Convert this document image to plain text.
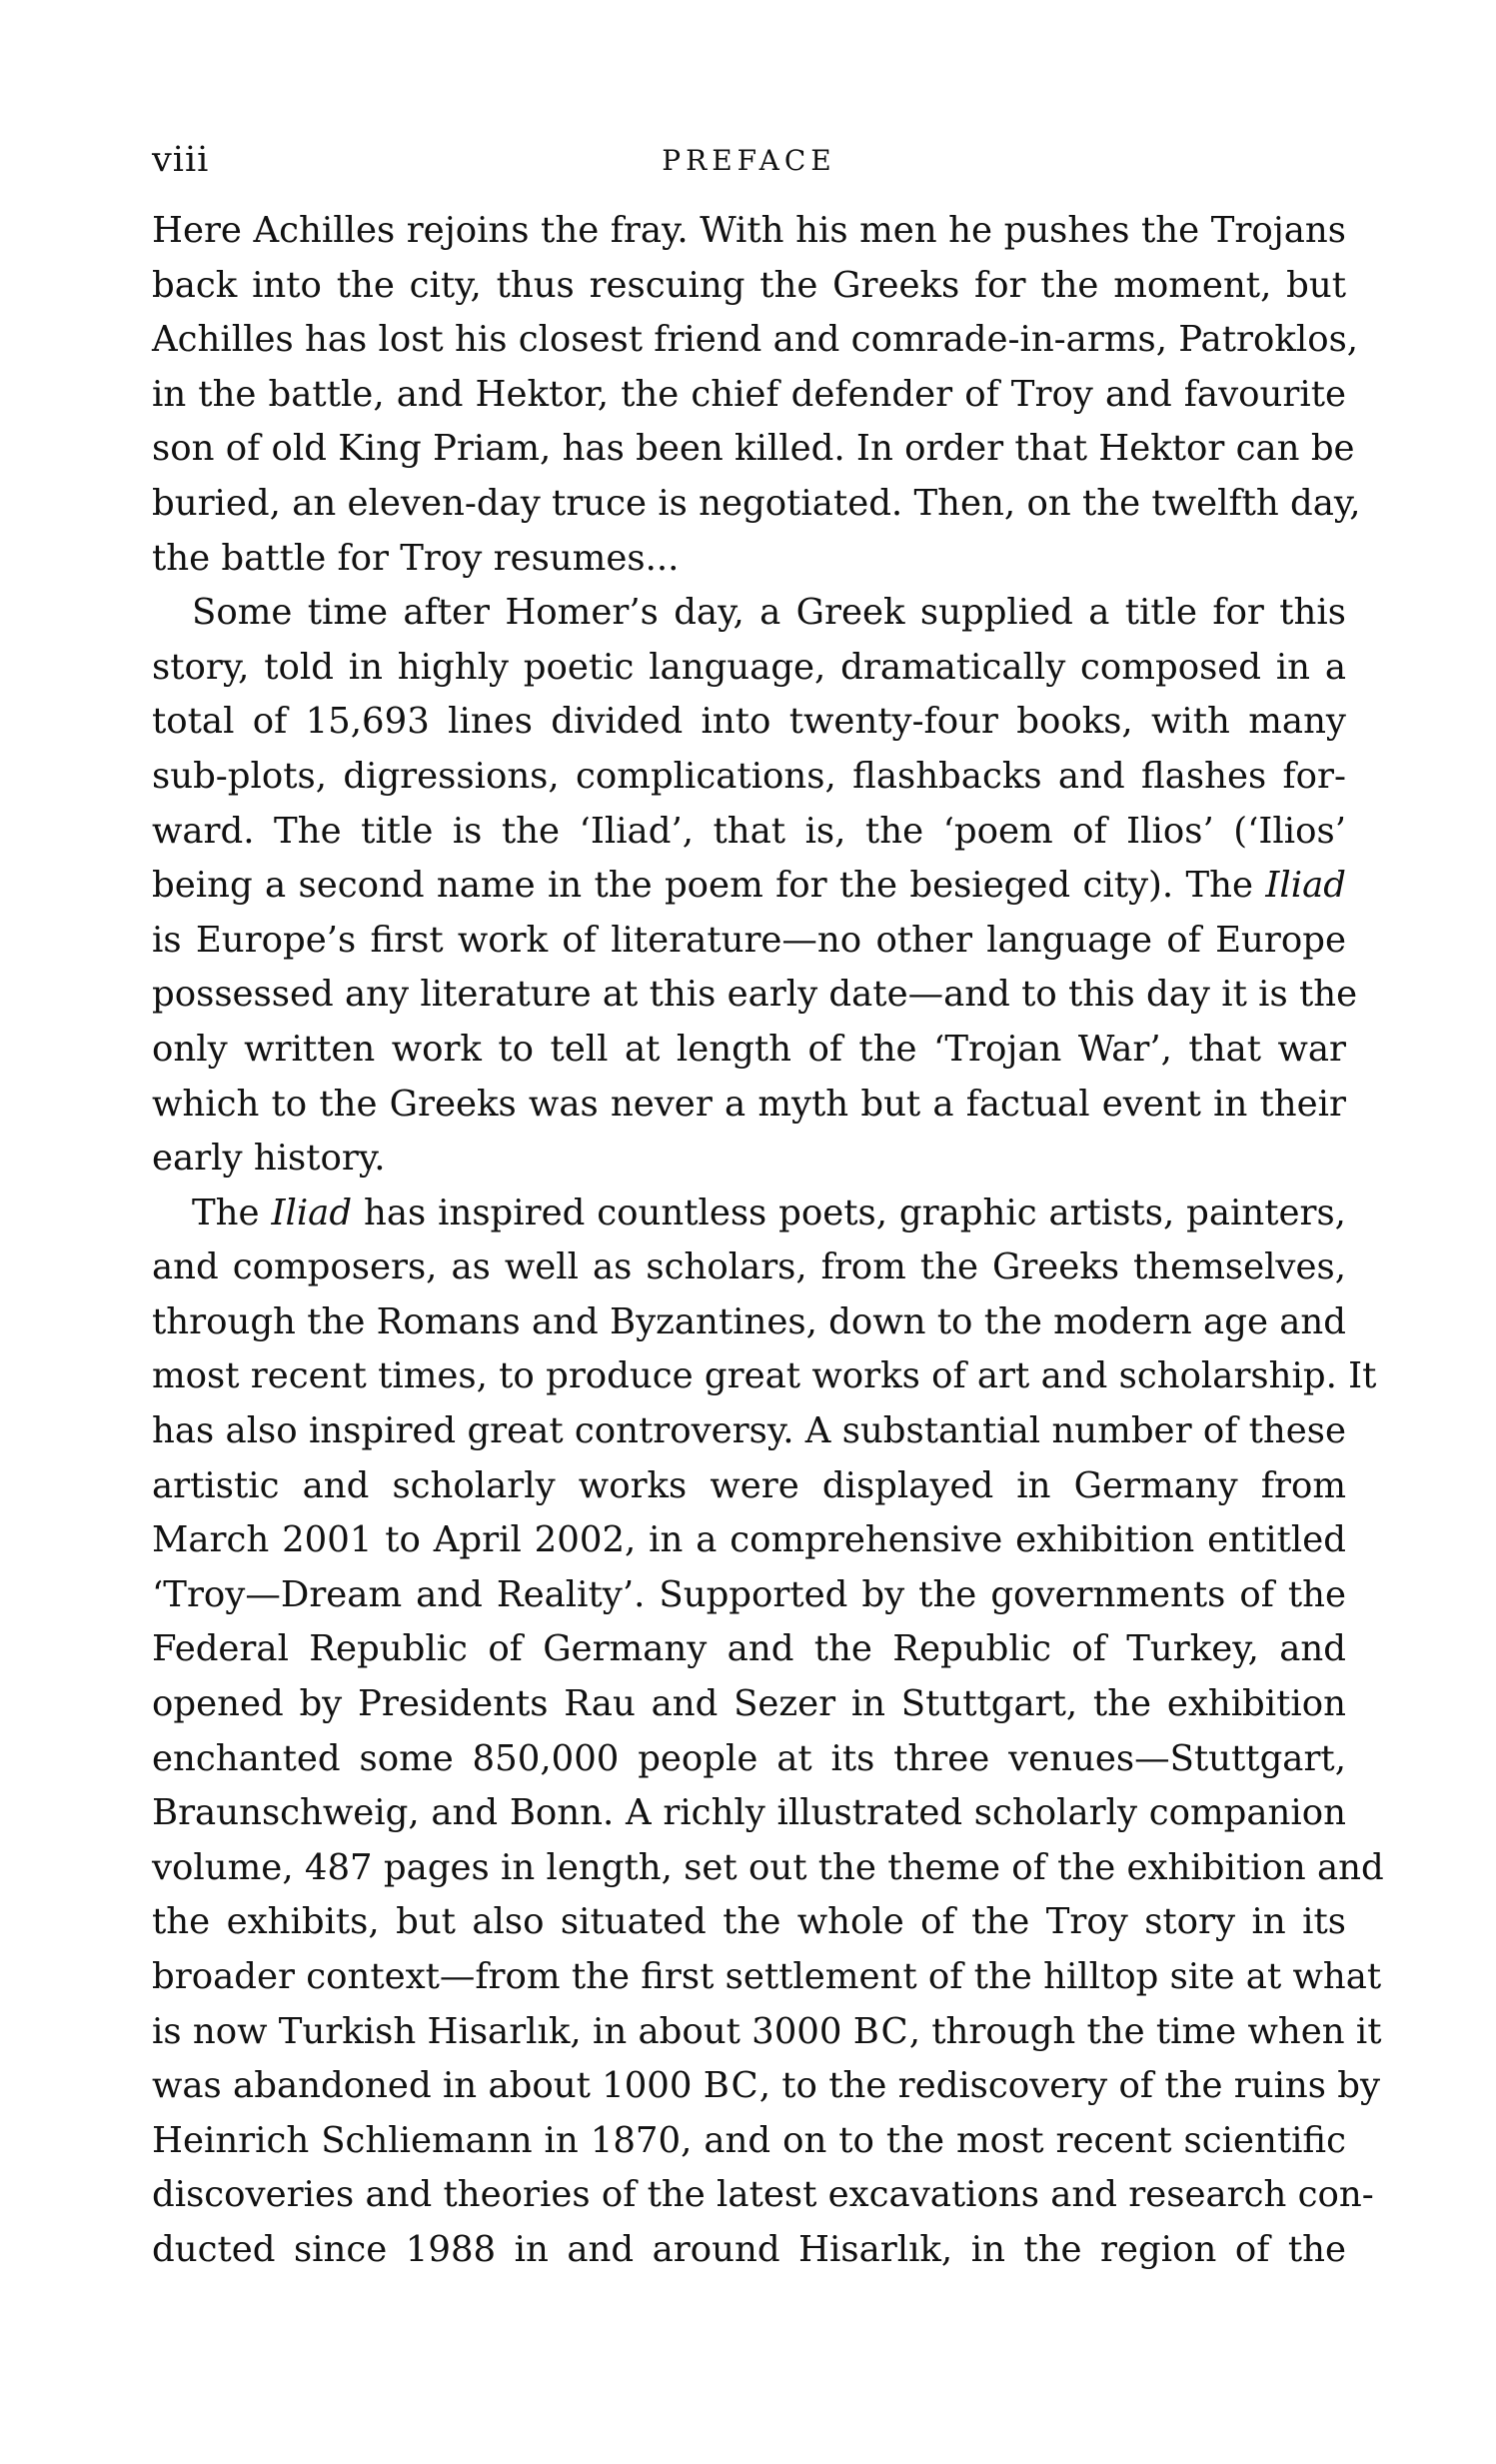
viii	PREFACE

Here Achilles rejoins the fray. With his men he pushes the Trojans
back into the city, thus rescuing the Greeks for the moment, but
Achilles has lost his closest friend and comrade-in-arms, Patroklos,
in the battle, and Hektor, the chief defender of Troy and favourite
son of old King Priam, has been killed. In order that Hektor can be
buried, an eleven-day truce is negotiated. Then, on the twelfth day,
the battle for Troy resumes...

Some time after Homer’s day, a Greek supplied a title for this
story, told in highly poetic language, dramatically composed in a
total of 15,693 lines divided into twenty-four books, with many
sub-plots, digressions, complications, flashbacks and flashes for-
ward. The title is the ‘Iliad’, that is, the ‘poem of Ilios’ (‘Ilios’
being a second name in the poem for the besieged city). The Iliad
is Europe’s first work of literature—no other language of Europe
possessed any literature at this early date—and to this day it is the
only written work to tell at length of the ‘Trojan War’, that war
which to the Greeks was never a myth but a factual event in their
early history.

The Iliad has inspired countless poets, graphic artists, painters,
and composers, as well as scholars, from the Greeks themselves,
through the Romans and Byzantines, down to the modern age and
most recent times, to produce great works of art and scholarship. It
has also inspired great controversy. A substantial number of these
artistic and scholarly works were displayed in Germany from
March 2001 to April 2002, in a comprehensive exhibition entitled
‘Troy—Dream and Reality’. Supported by the governments of the
Federal Republic of Germany and the Republic of Turkey, and
opened by Presidents Rau and Sezer in Stuttgart, the exhibition
enchanted some 850,000 people at its three venues—Stuttgart,
Braunschweig, and Bonn. A richly illustrated scholarly companion
volume, 487 pages in length, set out the theme of the exhibition and
the exhibits, but also situated the whole of the Troy story in its
broader context—from the first settlement of the hilltop site at what
is now Turkish Hisarlık, in about 3000 BC, through the time when it
was abandoned in about 1000 BC, to the rediscovery of the ruins by
Heinrich Schliemann in 1870, and on to the most recent scientific
discoveries and theories of the latest excavations and research con-
ducted since 1988 in and around Hisarlık, in the region of the
